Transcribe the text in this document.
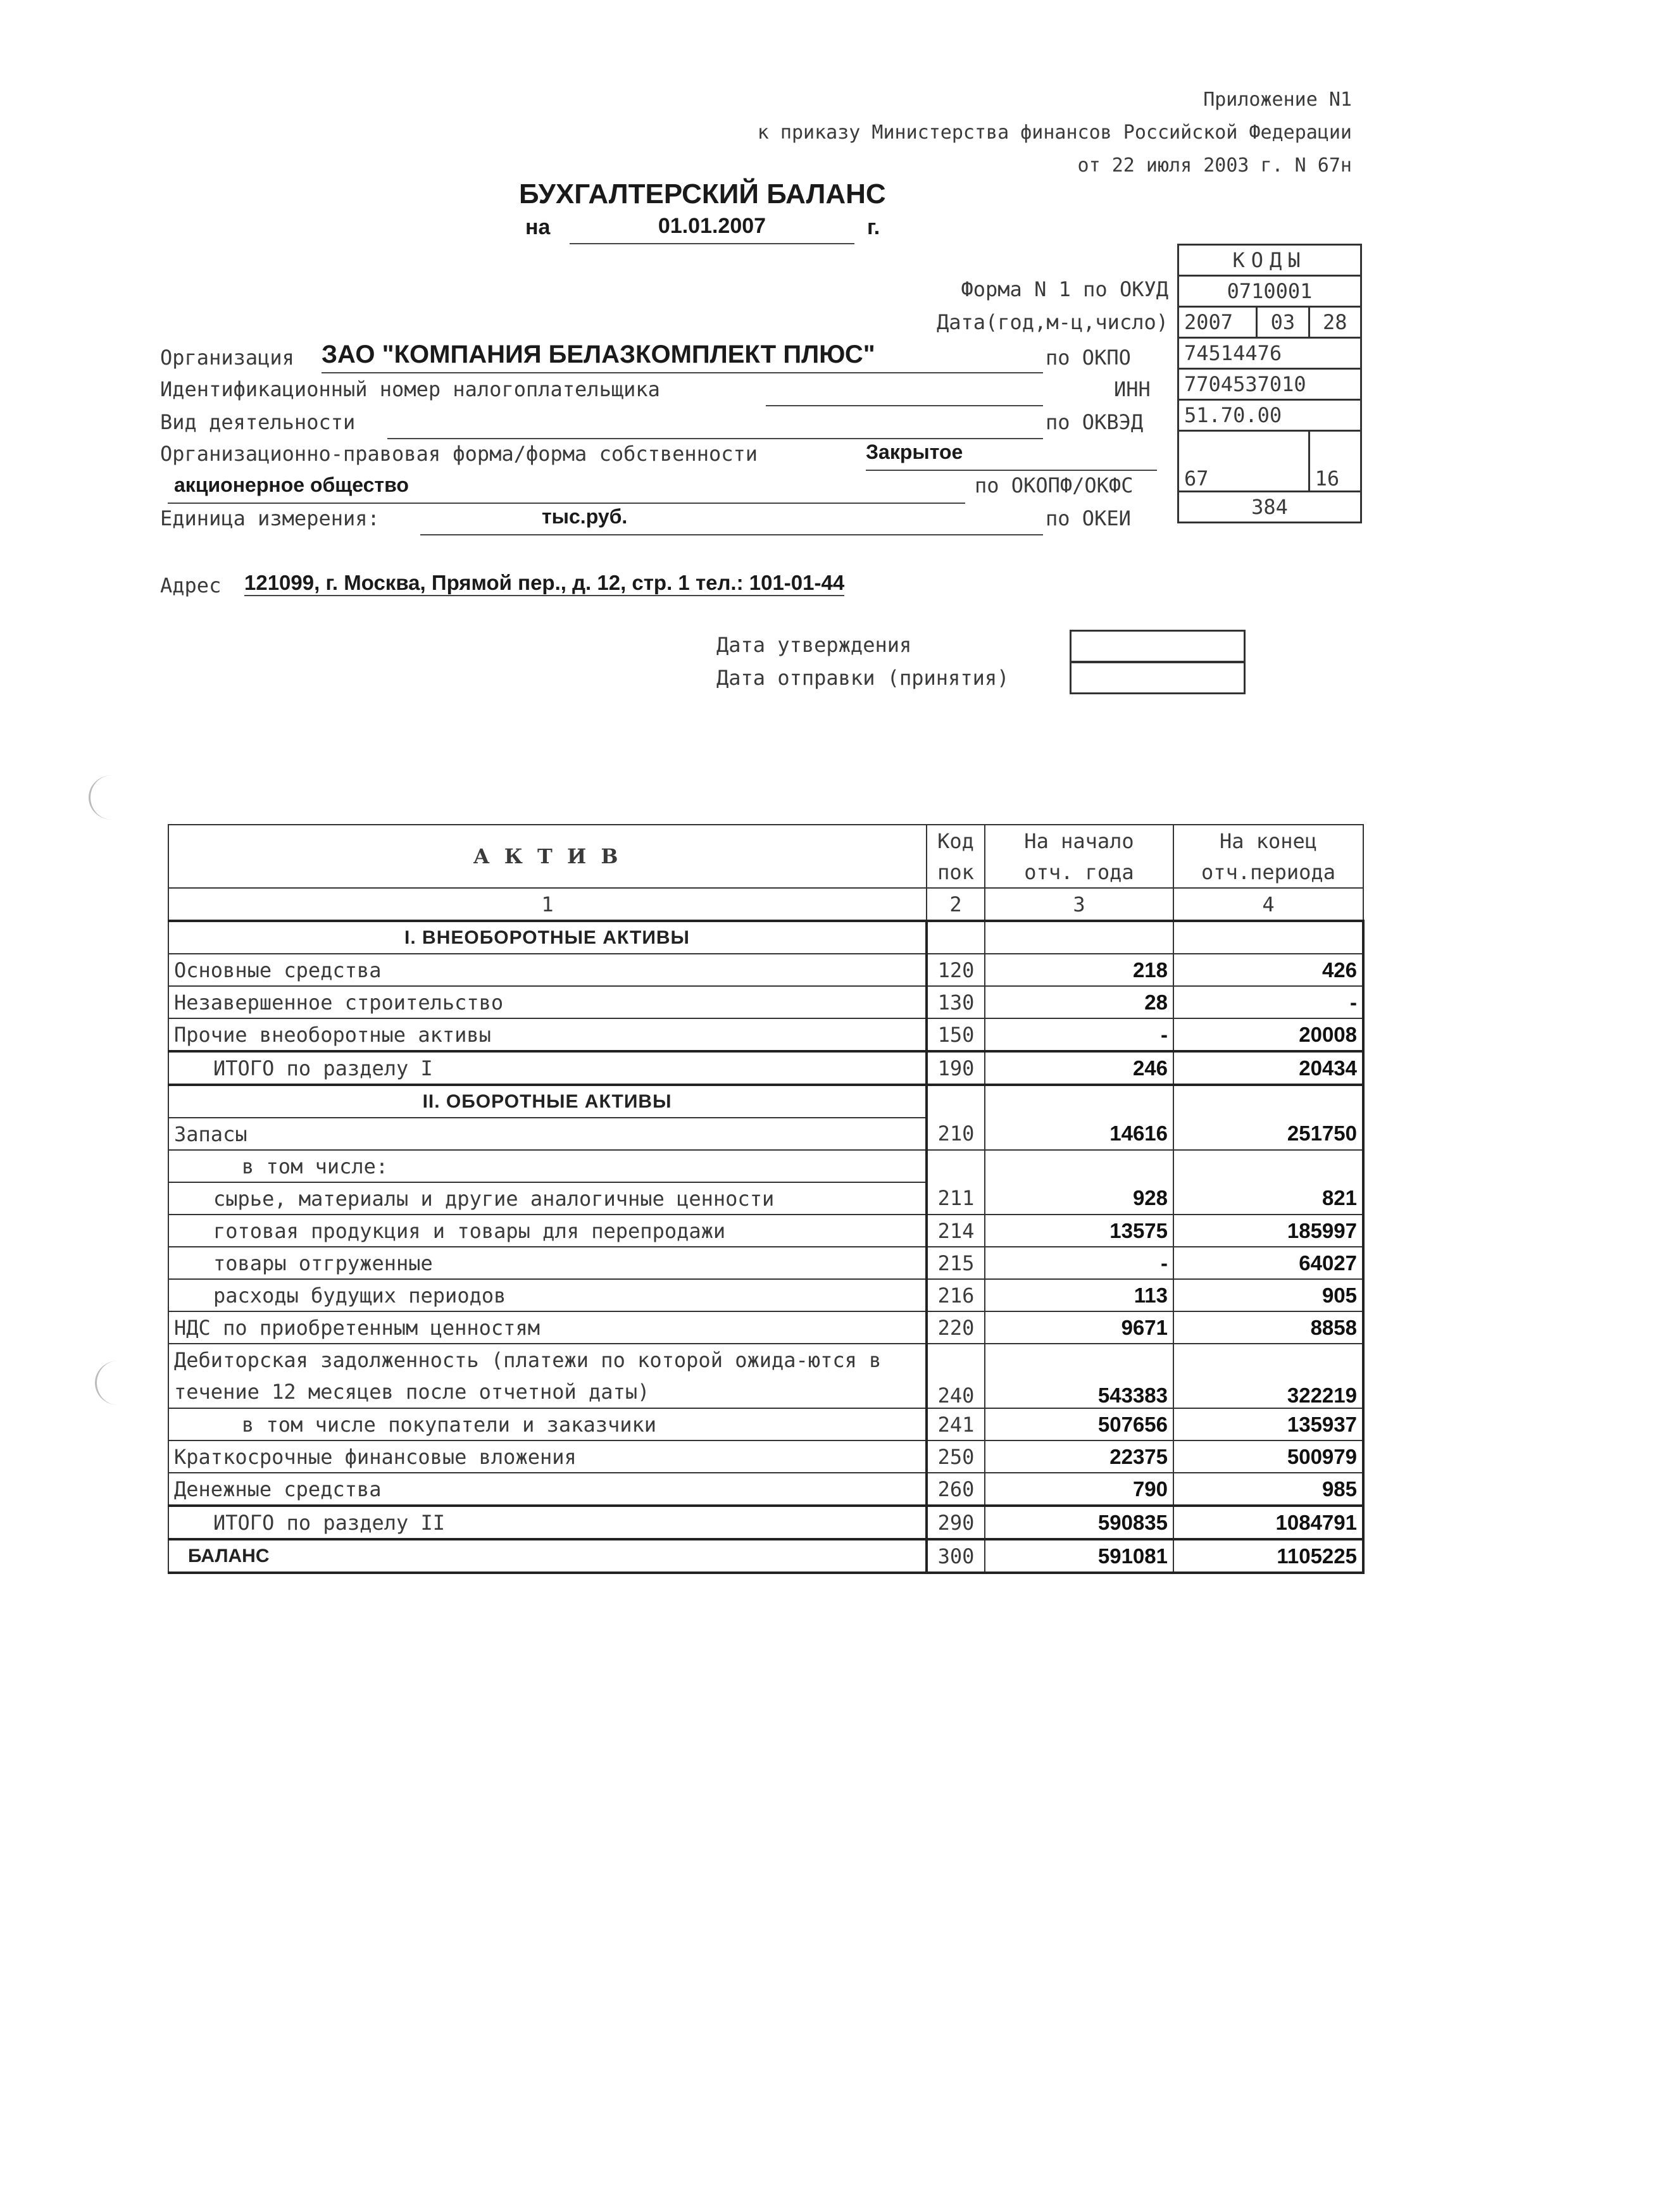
Приложение N1
к приказу Министерства финансов Российской Федерации
от 22 июля 2003 г. N 67н
БУХГАЛТЕРСКИЙ БАЛАНС
на	01.01.2007	г.
КОДЫ		
0710001		
2007	03	28
74514476		
7704537010		
51.70.00		
67		16
384		
Форма N 1 по ОКУД
Дата(год,м-ц,число)
Организация ЗАО "КОМПАНИЯ БЕЛАЗКОМПЛЕКТ ПЛЮС"	по ОКПО
Идентификационный номер налогоплательщика	ИНН
Вид деятельности	по ОКВЭД
Организационно-правовая форма/форма собственности	Закрытое
акционерное общество	по ОКОПФ/ОКФС
Единица измерения:	тыс.руб.	по ОКЕИ
Адрес 121099, г. Москва, Прямой пер., д. 12, стр. 1 тел.: 101-01-44
Дата утверждения
Дата отправки (принятия)
А К Т И В	Код	На начало	На конец
	пок	отч. года	отч.периода
1	2	3	4
I. ВНЕОБОРОТНЫЕ АКТИВЫ			
Основные средства	120	218	426
Незавершенное строительство	130	28	-
Прочие внеоборотные активы	150	-	20008
ИТОГО по разделу I	190	246	20434
II. ОБОРОТНЫЕ АКТИВЫ			
Запасы	210	14616	251750
в том числе:			
сырье, материалы и другие аналогичные ценности	211	928	821
готовая продукция и товары для перепродажи	214	13575	185997
товары отгруженные	215	-	64027
расходы будущих периодов	216	113	905
НДС по приобретенным ценностям	220	9671	8858
Дебиторская задолженность (платежи по которой ожида-ются в течение 12 месяцев после отчетной даты)	240	543383	322219
в том числе покупатели и заказчики	241	507656	135937
Краткосрочные финансовые вложения	250	22375	500979
Денежные средства	260	790	985
ИТОГО по разделу II	290	590835	1084791
БАЛАНС	300	591081	1105225
